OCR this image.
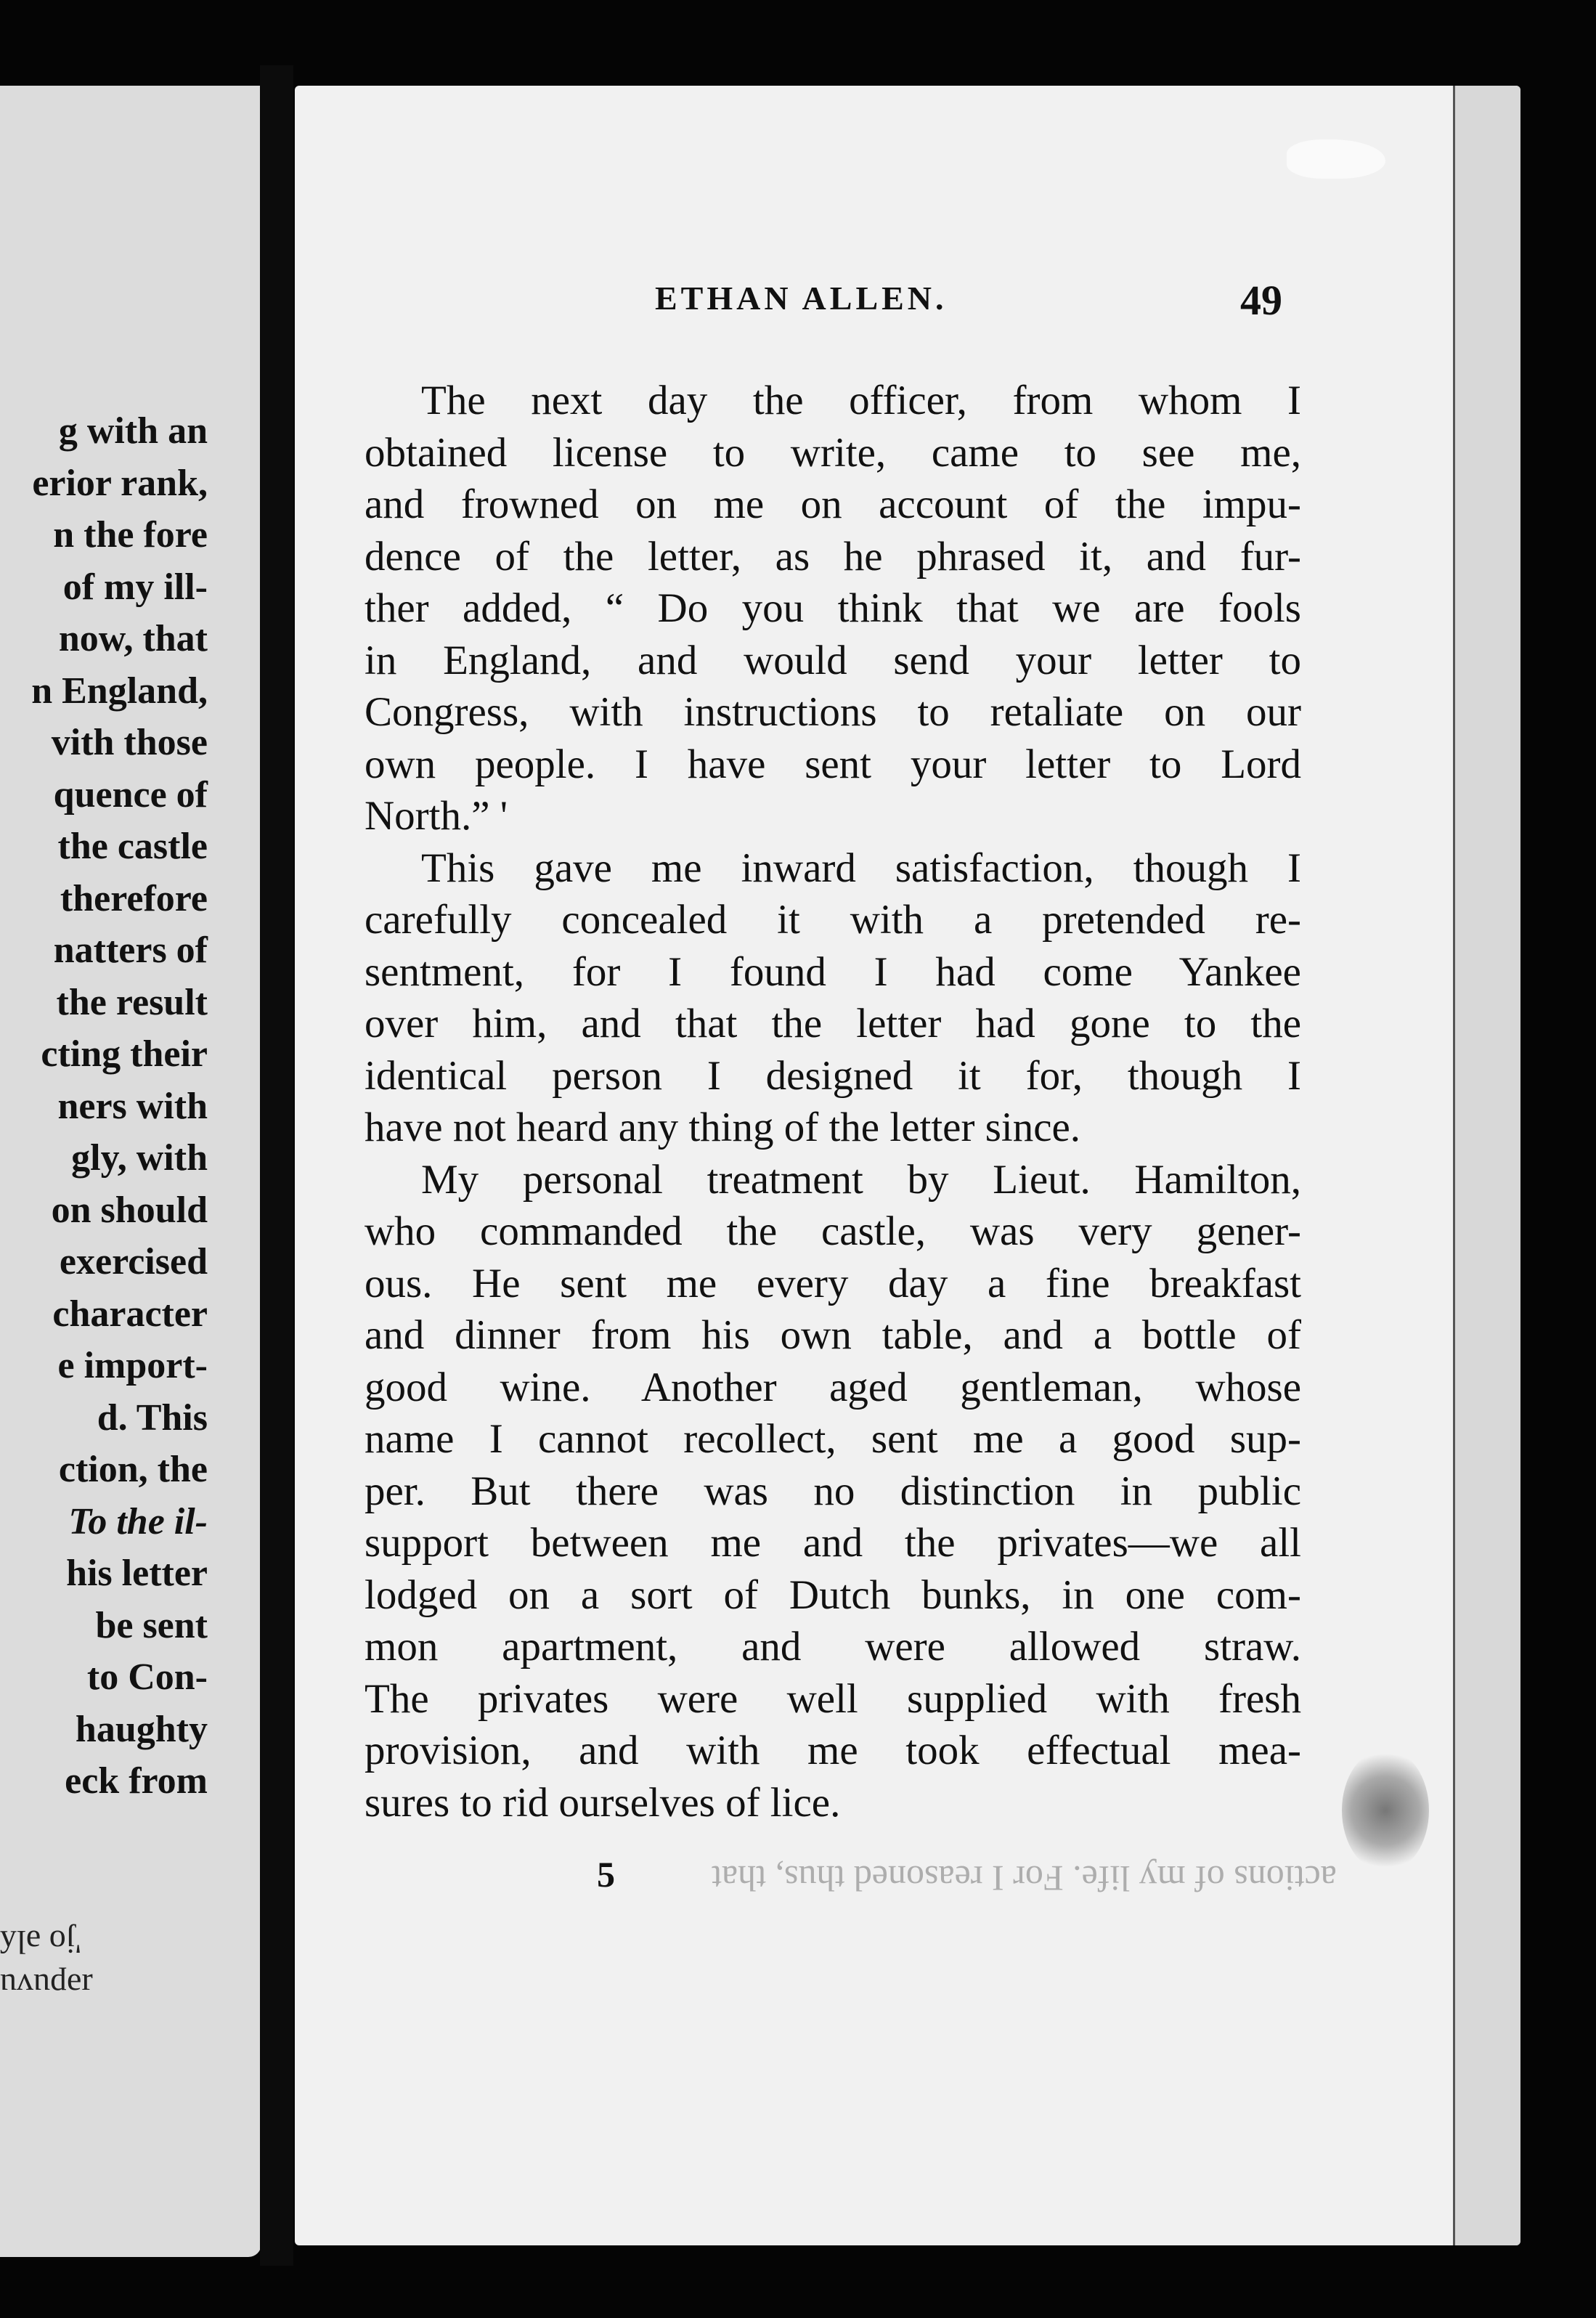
g with an
erior rank,
n the fore
of my ill-
now, that
n England,
vith those
quence of
the castle
therefore
natters of
the result
cting their
ners with
gly, with
on should
exercised
character
e import-
d. This
ction, the
To the il-
his letter
be sent
to Con-
haughty
eck from
ɹəpuvu
'jo əlʎ
ETHAN ALLEN.	49
The next day the officer, from whom I
obtained license to write, came to see me,
and frowned on me on account of the impu-
dence of the letter, as he phrased it, and fur-
ther added, “ Do you think that we are fools
in England, and would send your letter to
Congress, with instructions to retaliate on our
own people. I have sent your letter to Lord
North.” '
This gave me inward satisfaction, though I
carefully concealed it with a pretended re-
sentment, for I found I had come Yankee
over him, and that the letter had gone to the
identical person I designed it for, though I
have not heard any thing of the letter since.
My personal treatment by Lieut. Hamilton,
who commanded the castle, was very gener-
ous. He sent me every day a fine breakfast
and dinner from his own table, and a bottle of
good wine. Another aged gentleman, whose
name I cannot recollect, sent me a good sup-
per. But there was no distinction in public
support between me and the privates—we all
lodged on a sort of Dutch bunks, in one com-
mon apartment, and were allowed straw.
The privates were well supplied with fresh
provision, and with me took effectual mea-
sures to rid ourselves of lice.
5	actions of my life. For I reasoned thus, that
